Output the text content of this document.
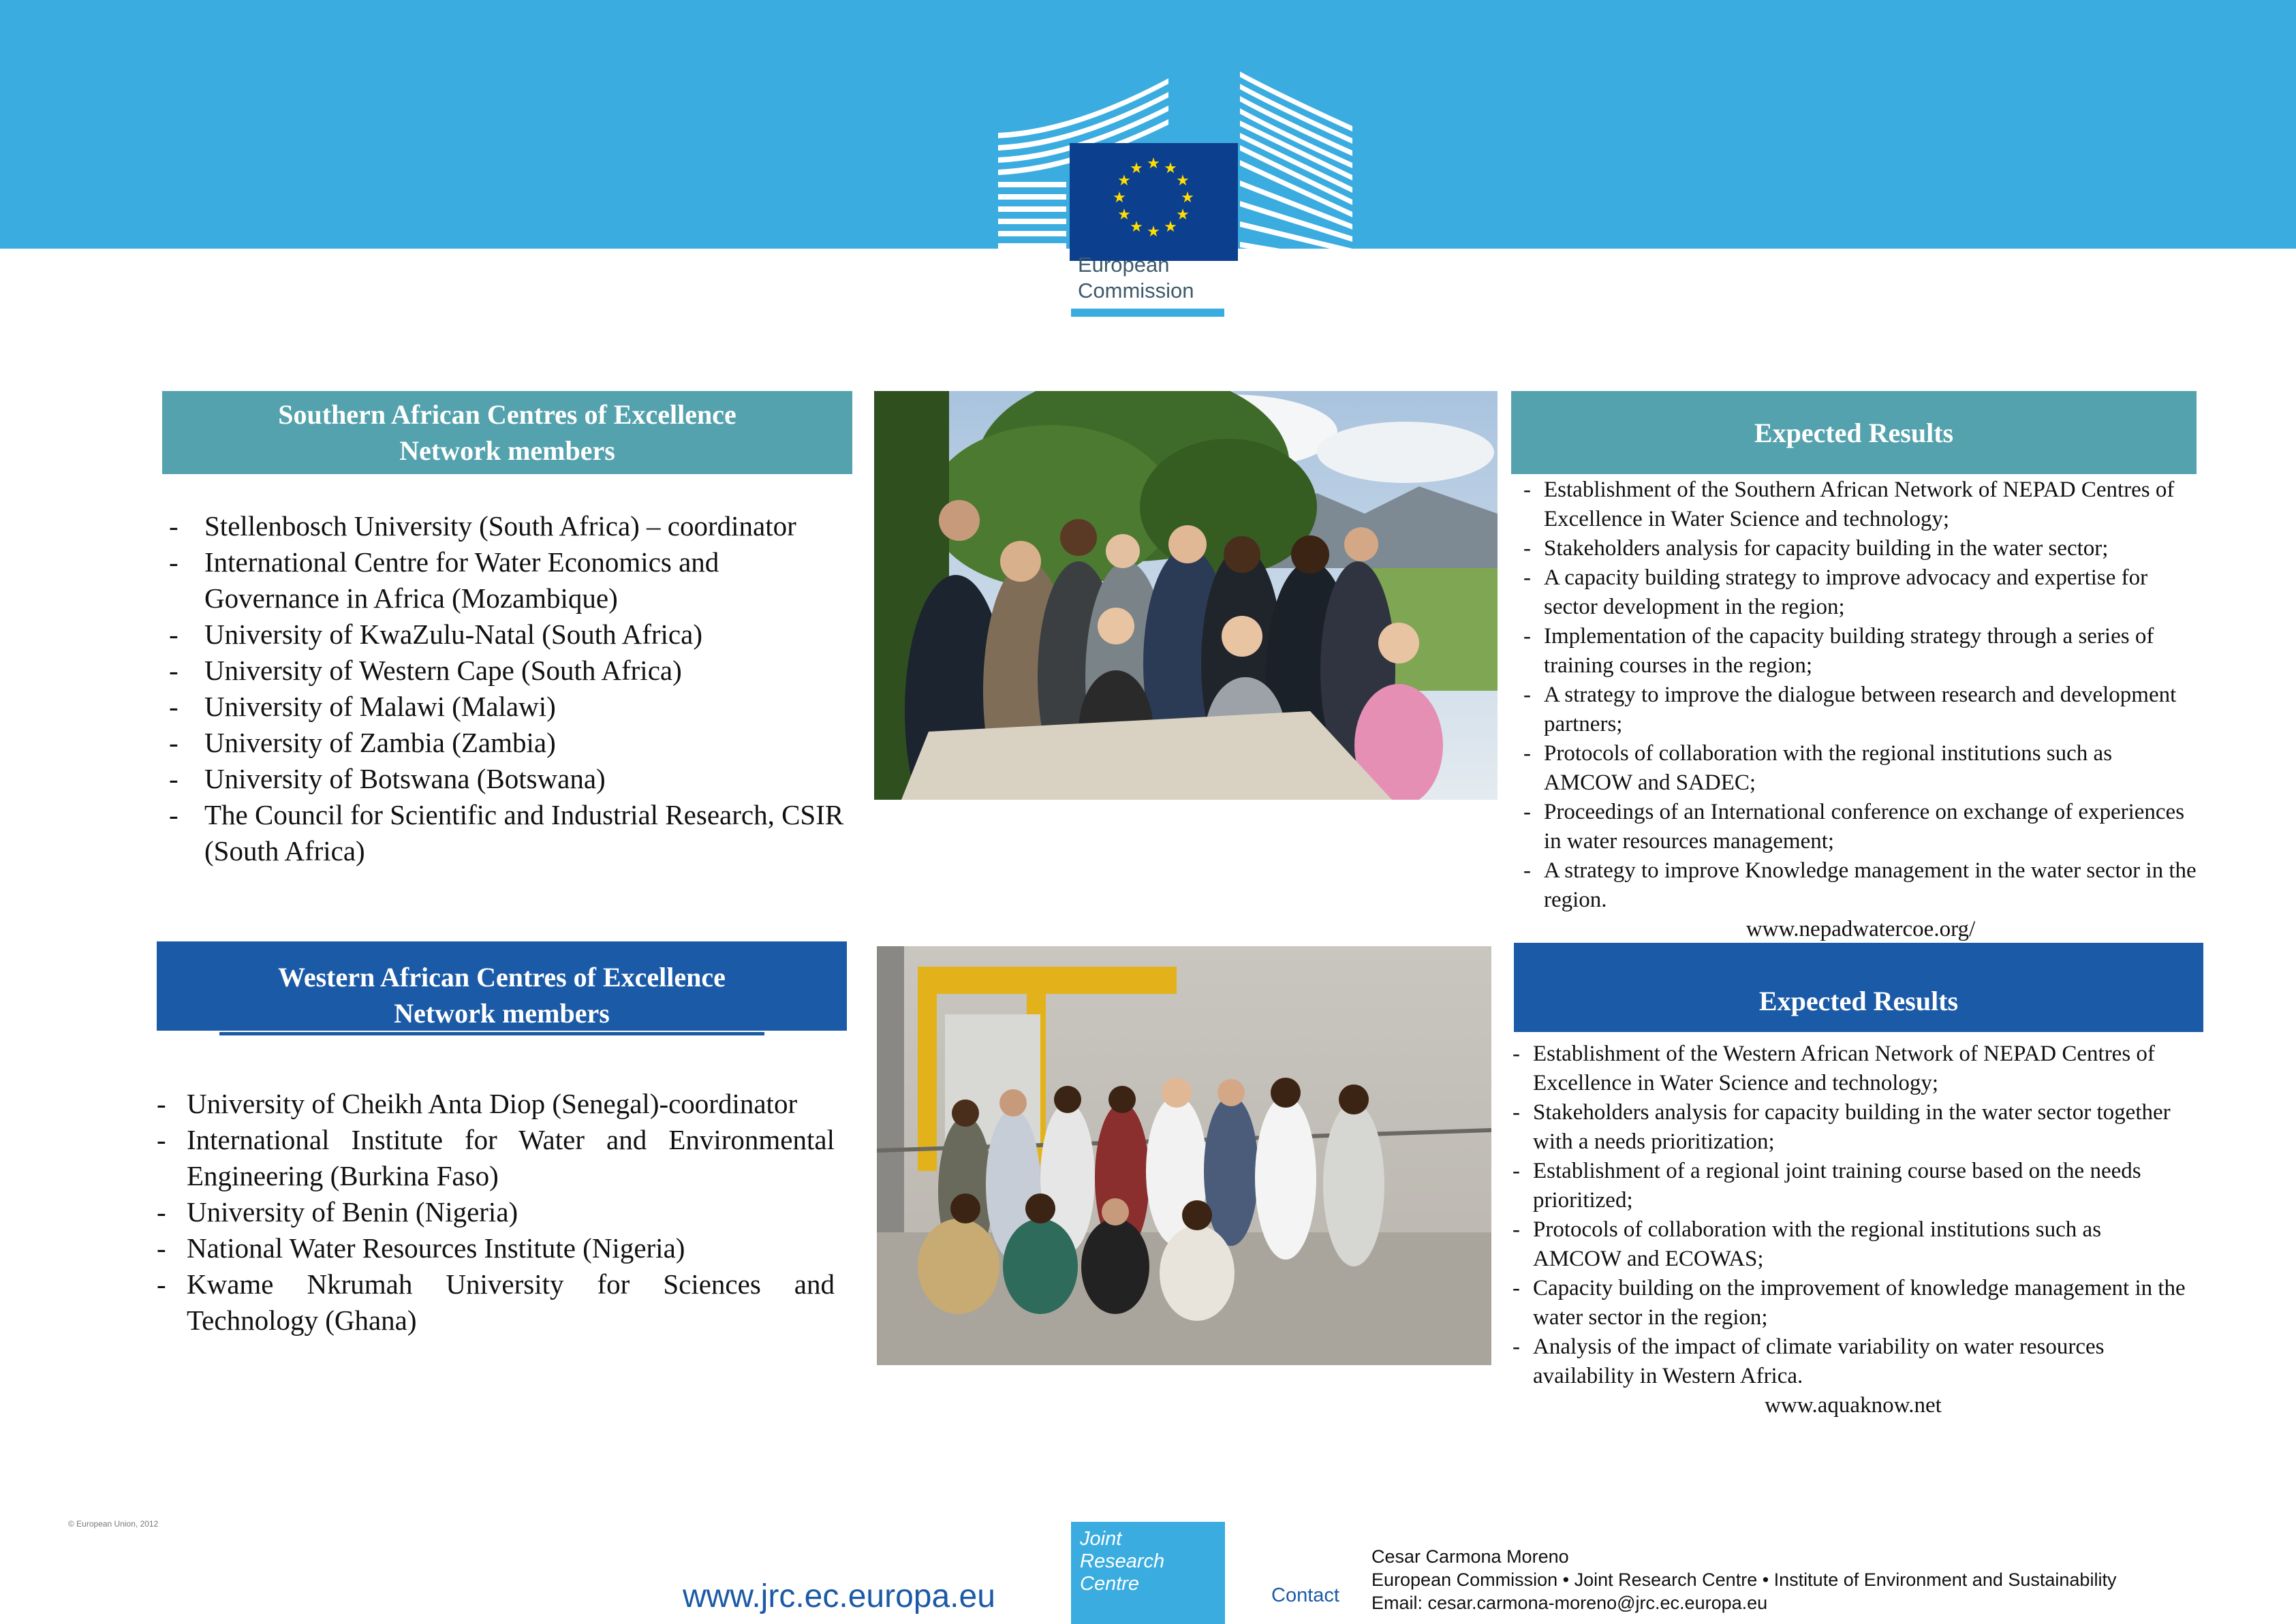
★ ★
★
★
★
★
★
★
★
★
★
★
European
Commission
Southern African Centres of Excellence
Network members
- Stellenbosch University (South Africa) – coordinator
- International Centre for Water Economics and Governance in Africa (Mozambique)
- University of KwaZulu-Natal (South Africa)
- University of Western Cape (South Africa)
- University of Malawi (Malawi)
- University of Zambia (Zambia)
- University of Botswana (Botswana)
- The Council for Scientific and Industrial Research, CSIR (South Africa)
Expected Results
- Establishment of the Southern African Network of NEPAD Centres of Excellence in Water Science and technology;
- Stakeholders analysis for capacity building in the water sector;
- A capacity building strategy to improve advocacy and expertise for sector development in the region;
- Implementation of the capacity building strategy through a series of training courses in the region;
- A strategy to improve the dialogue between research and development partners;
- Protocols of collaboration with the regional institutions such as AMCOW and SADEC;
- Proceedings of an International conference on exchange of experiences in water resources management;
- A strategy to improve Knowledge management in the water sector in the region.
www.nepadwatercoe.org/
Western African Centres of Excellence
Network members
- University of Cheikh Anta Diop (Senegal)-coordinator
- International Institute for Water and Environmental Engineering (Burkina Faso)
- University of Benin (Nigeria)
- National Water Resources Institute (Nigeria)
- Kwame Nkrumah University for Sciences and Technology (Ghana)
Expected Results
- Establishment of the Western African Network of NEPAD Centres of Excellence in Water Science and technology;
- Stakeholders analysis for capacity building in the water sector together with a needs prioritization;
- Establishment of a regional joint training course based on the needs prioritized;
- Protocols of collaboration with the regional institutions such as AMCOW and ECOWAS;
- Capacity building on the improvement of knowledge management in the water sector in the region;
- Analysis of the impact of climate variability on water resources availability in Western Africa.
www.aquaknow.net
© European Union, 2012
www.jrc.ec.europa.eu
Joint
Research
Centre
Contact
Cesar Carmona Moreno
European Commission • Joint Research Centre • Institute of Environment and Sustainability
Email: cesar.carmona-moreno@jrc.ec.europa.eu
